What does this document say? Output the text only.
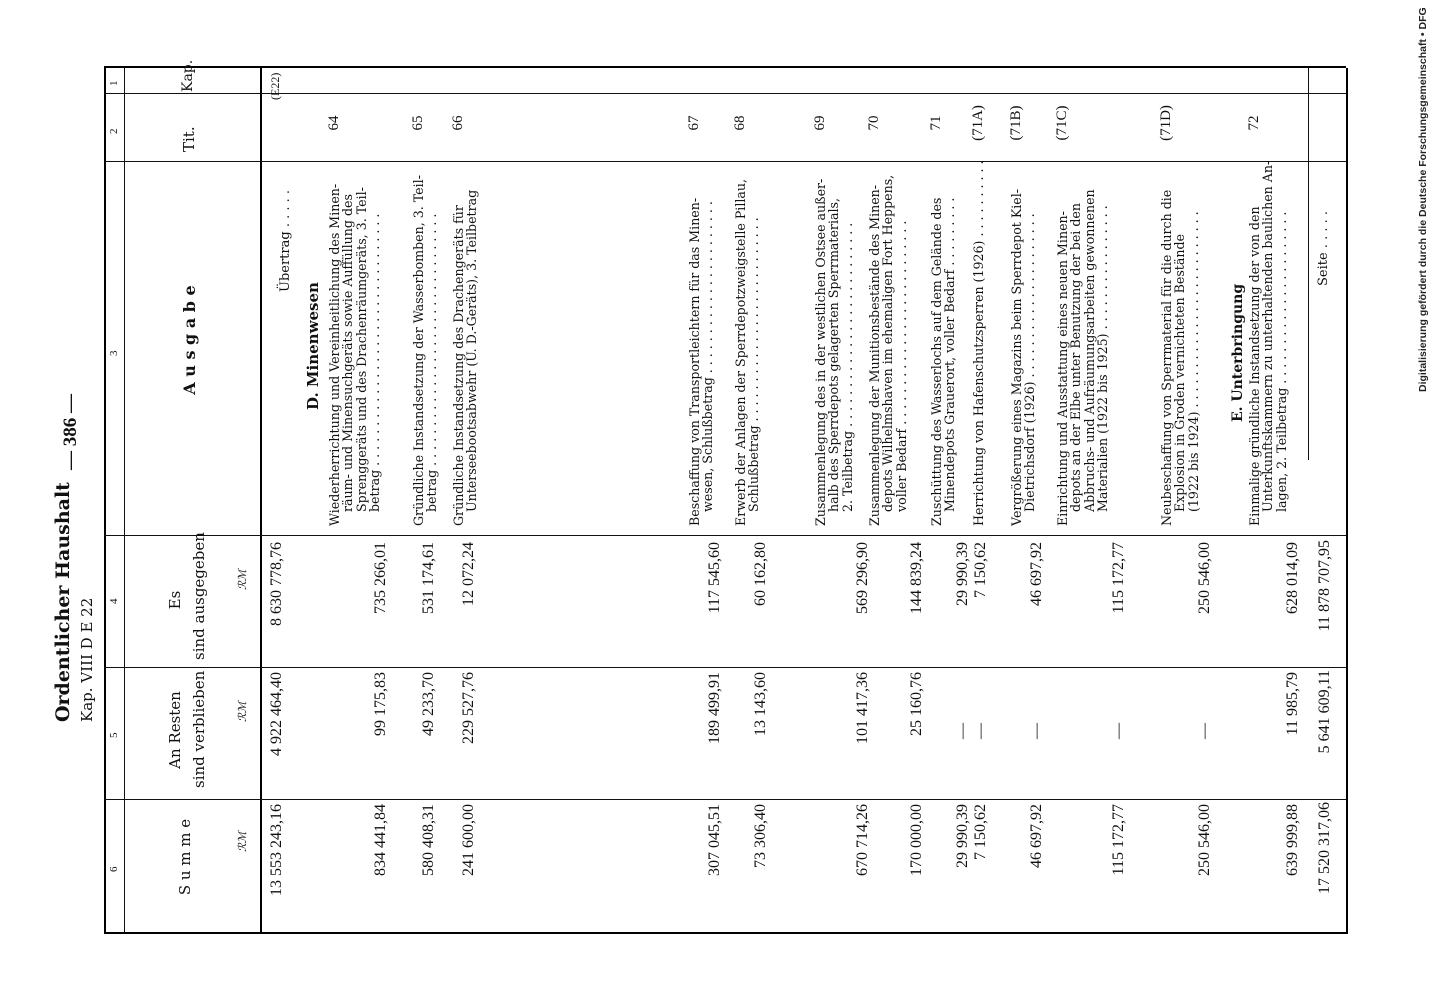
Ordentlicher Haushalt Kap. VIII D E 22
— 386 —
6
5
4
3
2
1
S u m m e
An Resten sind verblieben
Es sind ausgegeben
A u s g a b e
Tit.
Kap.
ℛℳ
ℛℳ
ℛℳ
(E22)
Übertrag . . . . .
8 630 778,76
4 922 464,40
13 553 243,16
D. Minenwesen	E. Unterbringung
64
Wiederherrichtung und Vereinheitlichung des Minen-
räum- und Minensuchgeräts sowie Auffüllung des
Sprenggeräts und des Drachenräumgeräts, 3. Teil-
betrag . . . . . . . . . . . . . . . . . . . . . . . . . . . . . . . .
735 266,01
99 175,83
834 441,84
65
Gründliche Instandsetzung der Wasserbomben, 3. Teil-
betrag . . . . . . . . . . . . . . . . . . . . . . . . . . . . . . . .
531 174,61
49 233,70
580 408,31
66
Gründliche Instandsetzung des Drachengeräts für
Unterseebootsabwehr (U. D.-Geräts), 3. Teilbetrag
12 072,24
229 527,76
241 600,00
67
Beschaffung von Transportleichtern für das Minen-
wesen, Schlußbetrag . . . . . . . . . . . . . . . . . . . . . .
117 545,60
189 499,91
307 045,51
68
Erwerb der Anlagen der Sperrdepotzweigstelle Pillau,
Schlußbetrag . . . . . . . . . . . . . . . . . . . . . . . . . .
60 162,80
13 143,60
73 306,40
69
Zusammenlegung des in der westlichen Ostsee außer-
halb des Sperrdepots gelagerten Sperrmaterials,
2. Teilbetrag . . . . . . . . . . . . . . . . . . . . . . . . . .
569 296,90
101 417,36
670 714,26
70
Zusammenlegung der Munitionsbestände des Minen-
depots Wilhelmshaven im ehemaligen Fort Heppens,
voller Bedarf . . . . . . . . . . . . . . . . . . . . . . . . . .
144 839,24
25 160,76
170 000,00
71
Zuschüttung des Wasserlochs auf dem Gelände des
Minendepots Grauerort, voller Bedarf . . . . . . . . .
29 990,39
—
29 990,39
(71A)
Herrichtung von Hafenschutzsperren (1926) . . . . . . . . . .
7 150,62
—
7 150,62
(71B)
Vergrößerung eines Magazins beim Sperrdepot Kiel-
Dietrichsdorf (1926) . . . . . . . . . . . . . . . . . . . . .
46 697,92
—
46 697,92
(71C)
Einrichtung und Ausstattung eines neuen Minen-
depots an der Elbe unter Benutzung der bei den
Abbruchs- und Aufräumungsarbeiten gewonnenen
Materialien (1922 bis 1925) . . . . . . . . . . . . . . . .
115 172,77
—
115 172,77
(71D)
Neubeschaffung von Sperrmaterial für die durch die
Explosion in Groden vernichteten Bestände
(1922 bis 1924) . . . . . . . . . . . . . . . . . . . . . . . . .
250 546,00
—
250 546,00
72
Einmalige gründliche Instandsetzung der von den
Unterkunftskammern zu unterhaltenden baulichen An-
lagen, 2. Teilbetrag . . . . . . . . . . . . . . . . . . . . . .
628 014,09
11 985,79
639 999,88
Seite . . . . .
11 878 707,95
5 641 609,11
17 520 317,06
Digitalisierung gefördert durch die Deutsche Forschungsgemeinschaft • DFG
